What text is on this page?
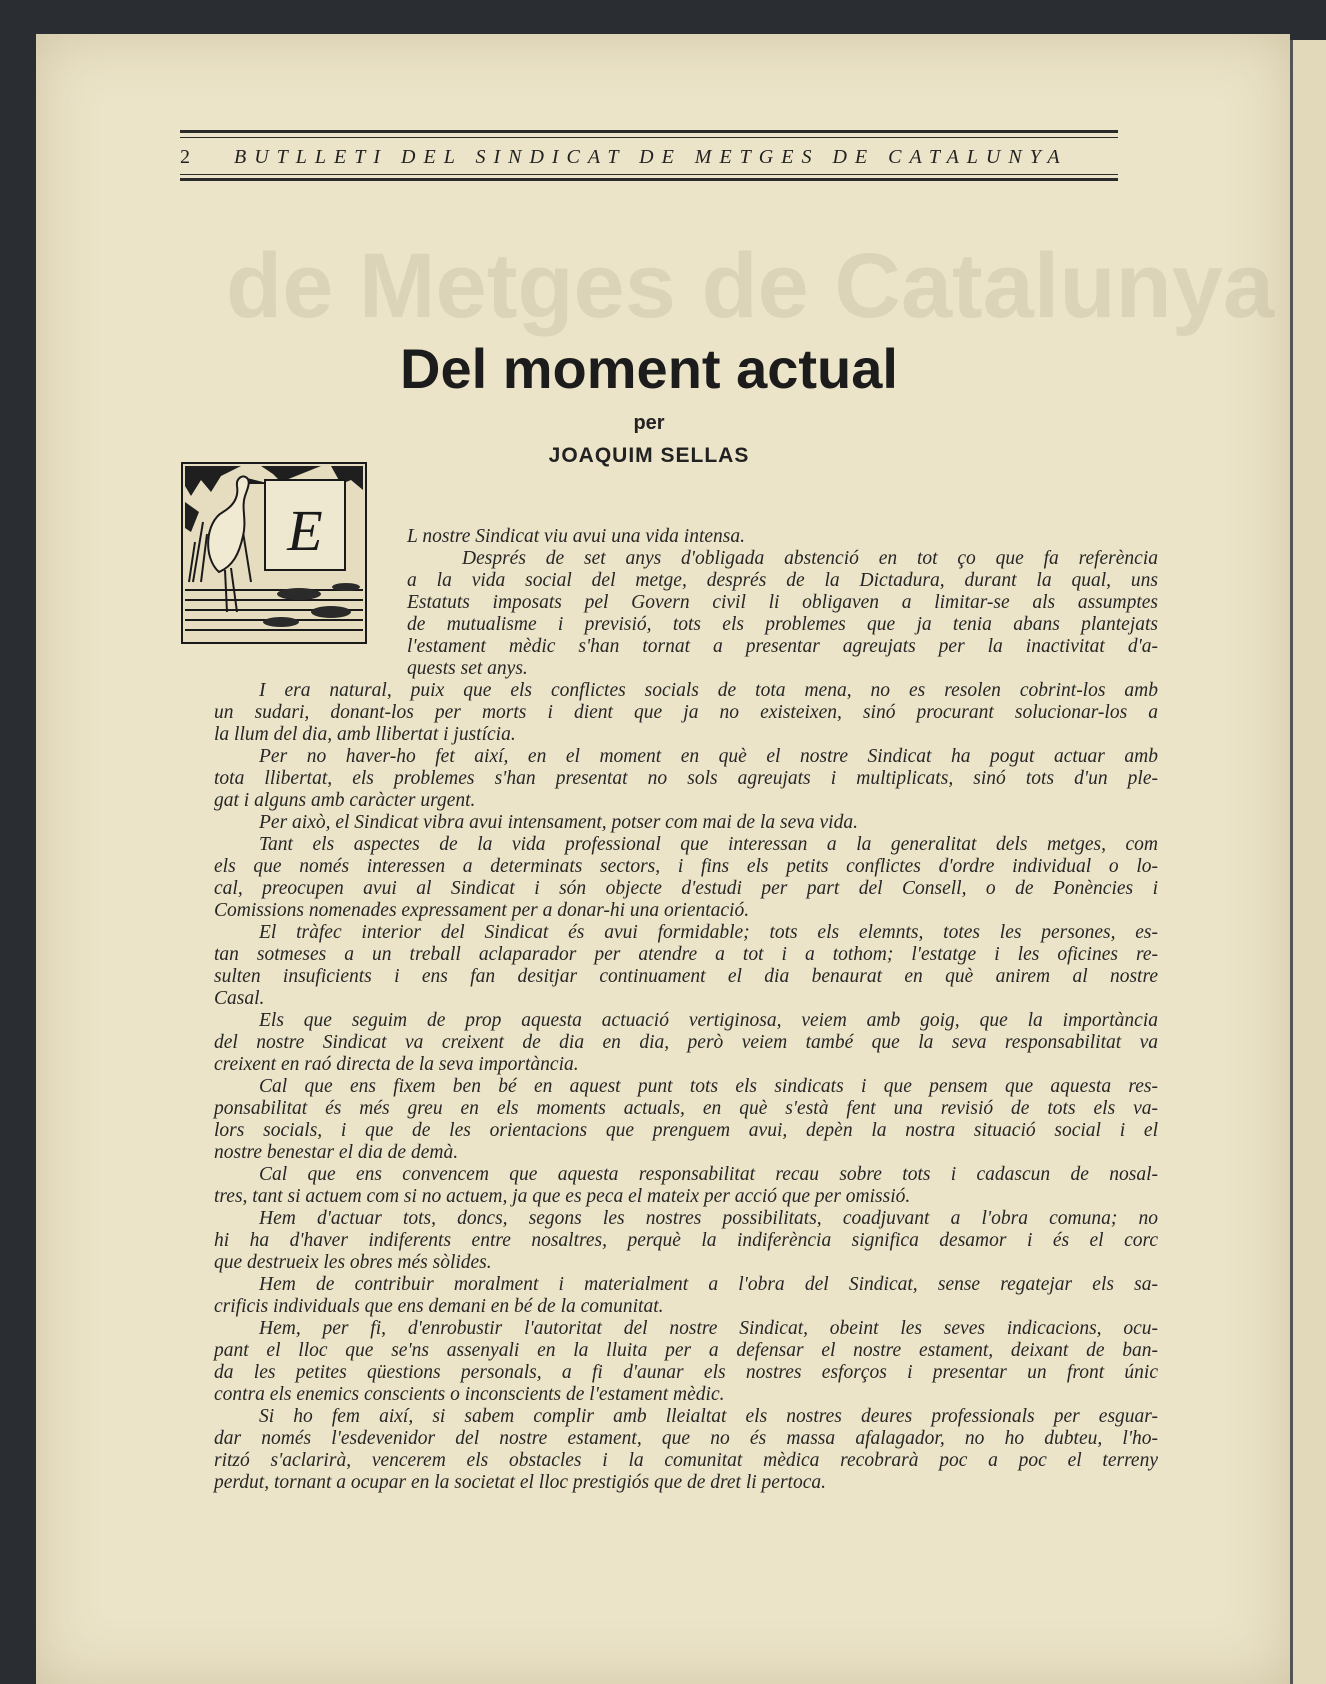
de Metges de Catalunya
2 BUTLLETI DEL SINDICAT DE METGES DE CATALUNYA
Del moment actual
per
JOAQUIM SELLAS
E	L nostre Sindicat viu avui una vida intensa.
Després de set anys d'obligada abstenció en tot ço que fa referència
a la vida social del metge, després de la Dictadura, durant la qual, uns
Estatuts imposats pel Govern civil li obligaven a limitar-se als assumptes
de mutualisme i previsió, tots els problemes que ja tenia abans plantejats
l'estament mèdic s'han tornat a presentar agreujats per la inactivitat d'a-
quests set anys.
I era natural, puix que els conflictes socials de tota mena, no es resolen cobrint-los amb
un sudari, donant-los per morts i dient que ja no existeixen, sinó procurant solucionar-los a
la llum del dia, amb llibertat i justícia.
Per no haver-ho fet així, en el moment en què el nostre Sindicat ha pogut actuar amb
tota llibertat, els problemes s'han presentat no sols agreujats i multiplicats, sinó tots d'un ple-
gat i alguns amb caràcter urgent.
Per això, el Sindicat vibra avui intensament, potser com mai de la seva vida.
Tant els aspectes de la vida professional que interessan a la generalitat dels metges, com
els que només interessen a determinats sectors, i fins els petits conflictes d'ordre individual o lo-
cal, preocupen avui al Sindicat i són objecte d'estudi per part del Consell, o de Ponències i
Comissions nomenades expressament per a donar-hi una orientació.
El tràfec interior del Sindicat és avui formidable; tots els elemnts, totes les persones, es-
tan sotmeses a un treball aclaparador per atendre a tot i a tothom; l'estatge i les oficines re-
sulten insuficients i ens fan desitjar continuament el dia benaurat en què anirem al nostre
Casal.
Els que seguim de prop aquesta actuació vertiginosa, veiem amb goig, que la importància
del nostre Sindicat va creixent de dia en dia, però veiem també que la seva responsabilitat va
creixent en raó directa de la seva importància.
Cal que ens fixem ben bé en aquest punt tots els sindicats i que pensem que aquesta res-
ponsabilitat és més greu en els moments actuals, en què s'està fent una revisió de tots els va-
lors socials, i que de les orientacions que prenguem avui, depèn la nostra situació social i el
nostre benestar el dia de demà.
Cal que ens convencem que aquesta responsabilitat recau sobre tots i cadascun de nosal-
tres, tant si actuem com si no actuem, ja que es peca el mateix per acció que per omissió.
Hem d'actuar tots, doncs, segons les nostres possibilitats, coadjuvant a l'obra comuna; no
hi ha d'haver indiferents entre nosaltres, perquè la indiferència significa desamor i és el corc
que destrueix les obres més sòlides.
Hem de contribuir moralment i materialment a l'obra del Sindicat, sense regatejar els sa-
crificis individuals que ens demani en bé de la comunitat.
Hem, per fi, d'enrobustir l'autoritat del nostre Sindicat, obeint les seves indicacions, ocu-
pant el lloc que se'ns assenyali en la lluita per a defensar el nostre estament, deixant de ban-
da les petites qüestions personals, a fi d'aunar els nostres esforços i presentar un front únic
contra els enemics conscients o inconscients de l'estament mèdic.
Si ho fem així, si sabem complir amb lleialtat els nostres deures professionals per esguar-
dar només l'esdevenidor del nostre estament, que no és massa afalagador, no ho dubteu, l'ho-
ritzó s'aclarirà, vencerem els obstacles i la comunitat mèdica recobrarà poc a poc el terreny
perdut, tornant a ocupar en la societat el lloc prestigiós que de dret li pertoca.
